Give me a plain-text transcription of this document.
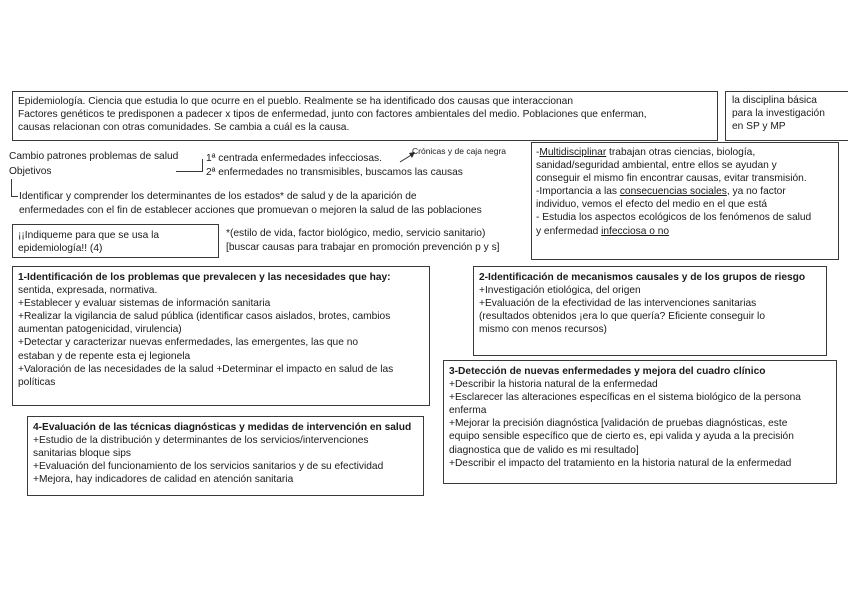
Epidemiología. Ciencia que estudia lo que ocurre en el pueblo. Realmente se ha identificado dos causas que interaccionan
Factores genéticos te predisponen a padecer x tipos de enfermedad, junto con factores ambientales del medio. Poblaciones que enferman,
causas relacionan con otras comunidades. Se cambia a cuál es la causa.
la disciplina básica
para la investigación
en SP y MP
Cambio patrones problemas de salud	1ª centrada enfermedades infecciosas.
2ª enfermedades no transmisibles, buscamos las causas
Crónicas y de caja negra
Objetivos
Identificar y comprender los determinantes de los estados* de salud y de la aparición de
enfermedades con el fin de establecer acciones que promuevan o mejoren la salud de las poblaciones
-Multidisciplinar trabajan otras ciencias, biología,
sanidad/seguridad ambiental, entre ellos se ayudan y
conseguir el mismo fin encontrar causas, evitar transmisión.
-Importancia a las consecuencias sociales, ya no factor
individuo, vemos el efecto del medio en el que está
- Estudia los aspectos ecológicos de los fenómenos de salud
y enfermedad infecciosa o no
¡¡Indiqueme para que se usa la
epidemiología!! (4)
*(estilo de vida, factor biológico, medio, servicio sanitario)
[buscar causas para trabajar en promoción prevención p y s]
1-Identificación de los problemas que prevalecen y las necesidades que hay:
sentida, expresada, normativa.
+Establecer y evaluar sistemas de información sanitaria
+Realizar la vigilancia de salud pública (identificar casos aislados, brotes, cambios
aumentan patogenicidad, virulencia)
+Detectar y caracterizar nuevas enfermedades, las emergentes, las que no
estaban y de repente esta ej legionela
+Valoración de las necesidades de la salud +Determinar el impacto en salud de las
políticas
2-Identificación de mecanismos causales y de los grupos de riesgo
+Investigación etiológica, del origen
+Evaluación de la efectividad de las intervenciones sanitarias
(resultados obtenidos ¡era lo que quería? Eficiente conseguir lo
mismo con menos recursos)
3-Detección de nuevas enfermedades y mejora del cuadro clínico
+Describir la historia natural de la enfermedad
+Esclarecer las alteraciones específicas en el sistema biológico de la persona
enferma
+Mejorar la precisión diagnóstica [validación de pruebas diagnósticas, este
equipo sensible específico que de cierto es, epi valida y ayuda a la precisión
diagnostica que de valido es mi resultado]
+Describir el impacto del tratamiento en la historia natural de la enfermedad
4-Evaluación de las técnicas diagnósticas y medidas de intervención en salud
+Estudio de la distribución y determinantes de los servicios/intervenciones
sanitarias bloque sips
+Evaluación del funcionamiento de los servicios sanitarios y de su efectividad
+Mejora, hay indicadores de calidad en atención sanitaria
